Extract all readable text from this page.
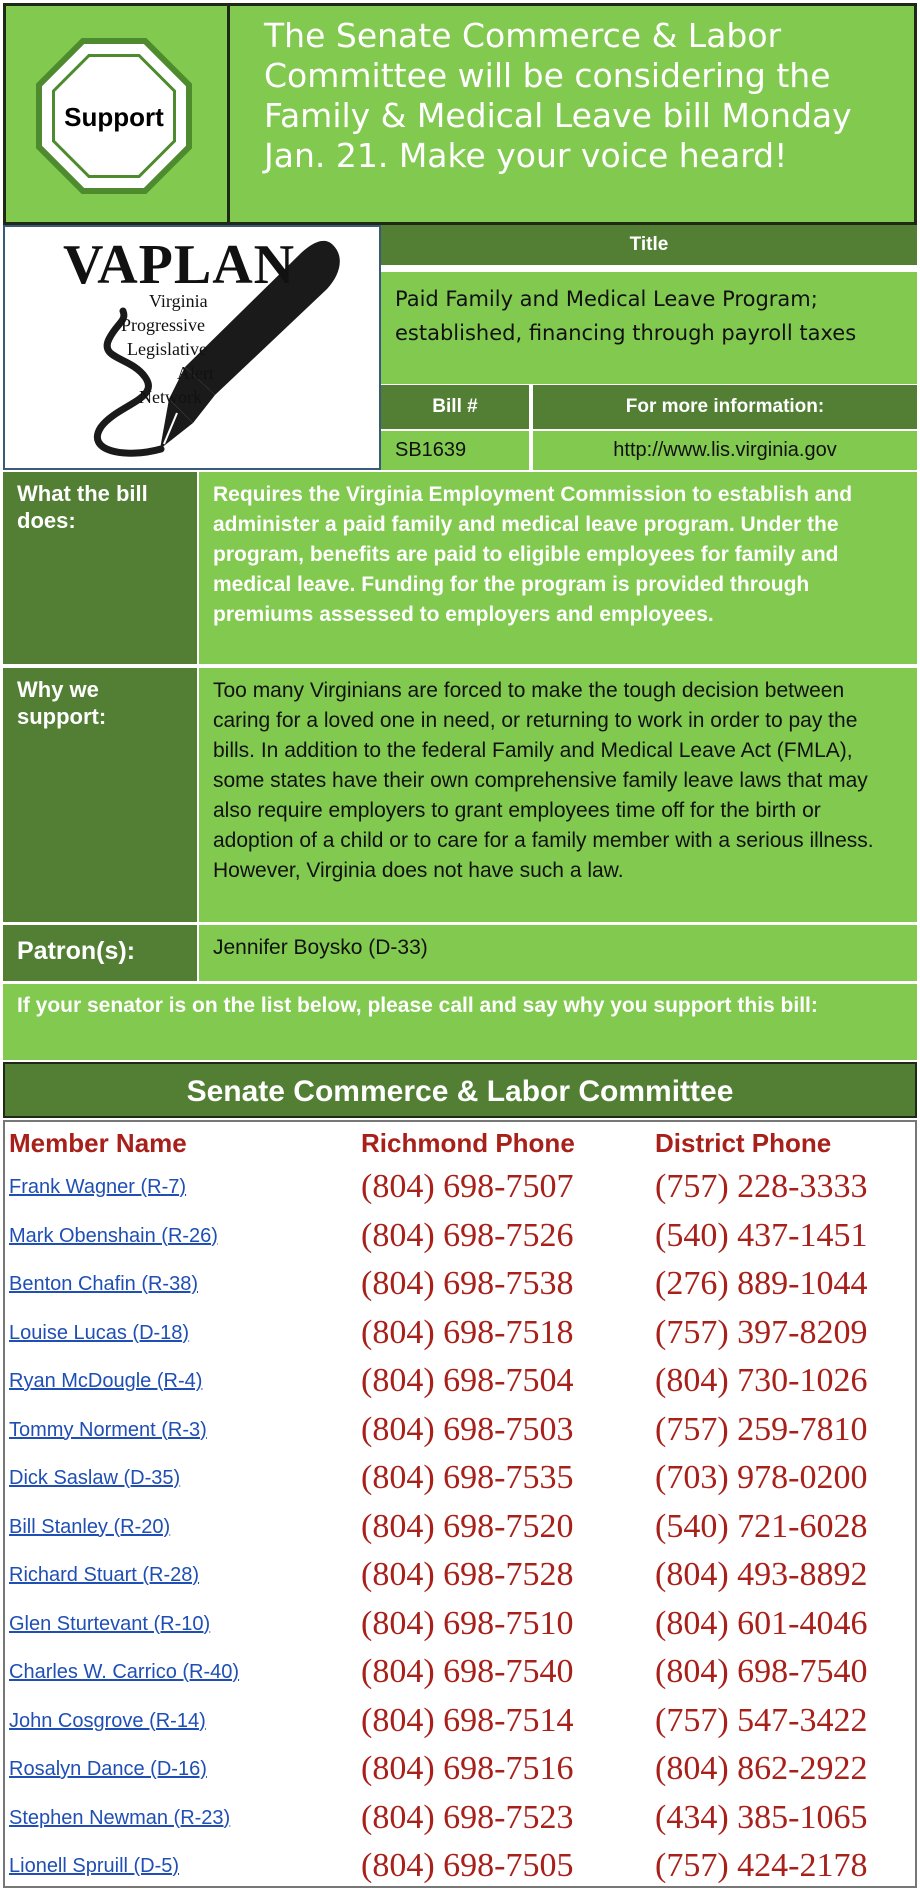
Support
The Senate Commerce & Labor Committee will be considering the Family & Medical Leave bill Monday Jan. 21. Make your voice heard!
VAPLAN
Virginia
Progressive
Legislative
Alert
Network
Title
Paid Family and Medical Leave Program; established, financing through payroll taxes
Bill #	For more information:
SB1639	http://www.lis.virginia.gov
What the bill does:
Requires the Virginia Employment Commission to establish and administer a paid family and medical leave program. Under the program, benefits are paid to eligible employees for family and medical leave. Funding for the program is provided through premiums assessed to employers and employees.
Why we support:
Too many Virginians are forced to make the tough decision between caring for a loved one in need, or returning to work in order to pay the bills. In addition to the federal Family and Medical Leave Act (FMLA), some states have their own comprehensive family leave laws that may also require employers to grant employees time off for the birth or adoption of a child or to care for a family member with a serious illness. However, Virginia does not have such a law.
Patron(s):	Jennifer Boysko (D-33)
If your senator is on the list below, please call and say why you support this bill:
Senate Commerce & Labor Committee
Member Name	Richmond Phone	District Phone
Frank Wagner (R-7)	(804) 698-7507 (757) 228-3333
Mark Obenshain (R-26)	(804) 698-7526 (540) 437-1451
Benton Chafin (R-38)	(804) 698-7538 (276) 889-1044
Louise Lucas (D-18)	(804) 698-7518 (757) 397-8209
Ryan McDougle (R-4)	(804) 698-7504 (804) 730-1026
Tommy Norment (R-3)	(804) 698-7503 (757) 259-7810
Dick Saslaw (D-35)	(804) 698-7535 (703) 978-0200
Bill Stanley (R-20)	(804) 698-7520 (540) 721-6028
Richard Stuart (R-28)	(804) 698-7528 (804) 493-8892
Glen Sturtevant (R-10)	(804) 698-7510 (804) 601-4046
Charles W. Carrico (R-40)	(804) 698-7540 (804) 698-7540
John Cosgrove (R-14)	(804) 698-7514 (757) 547-3422
Rosalyn Dance (D-16)	(804) 698-7516 (804) 862-2922
Stephen Newman (R-23)	(804) 698-7523 (434) 385-1065
Lionell Spruill (D-5)	(804) 698-7505 (757) 424-2178
